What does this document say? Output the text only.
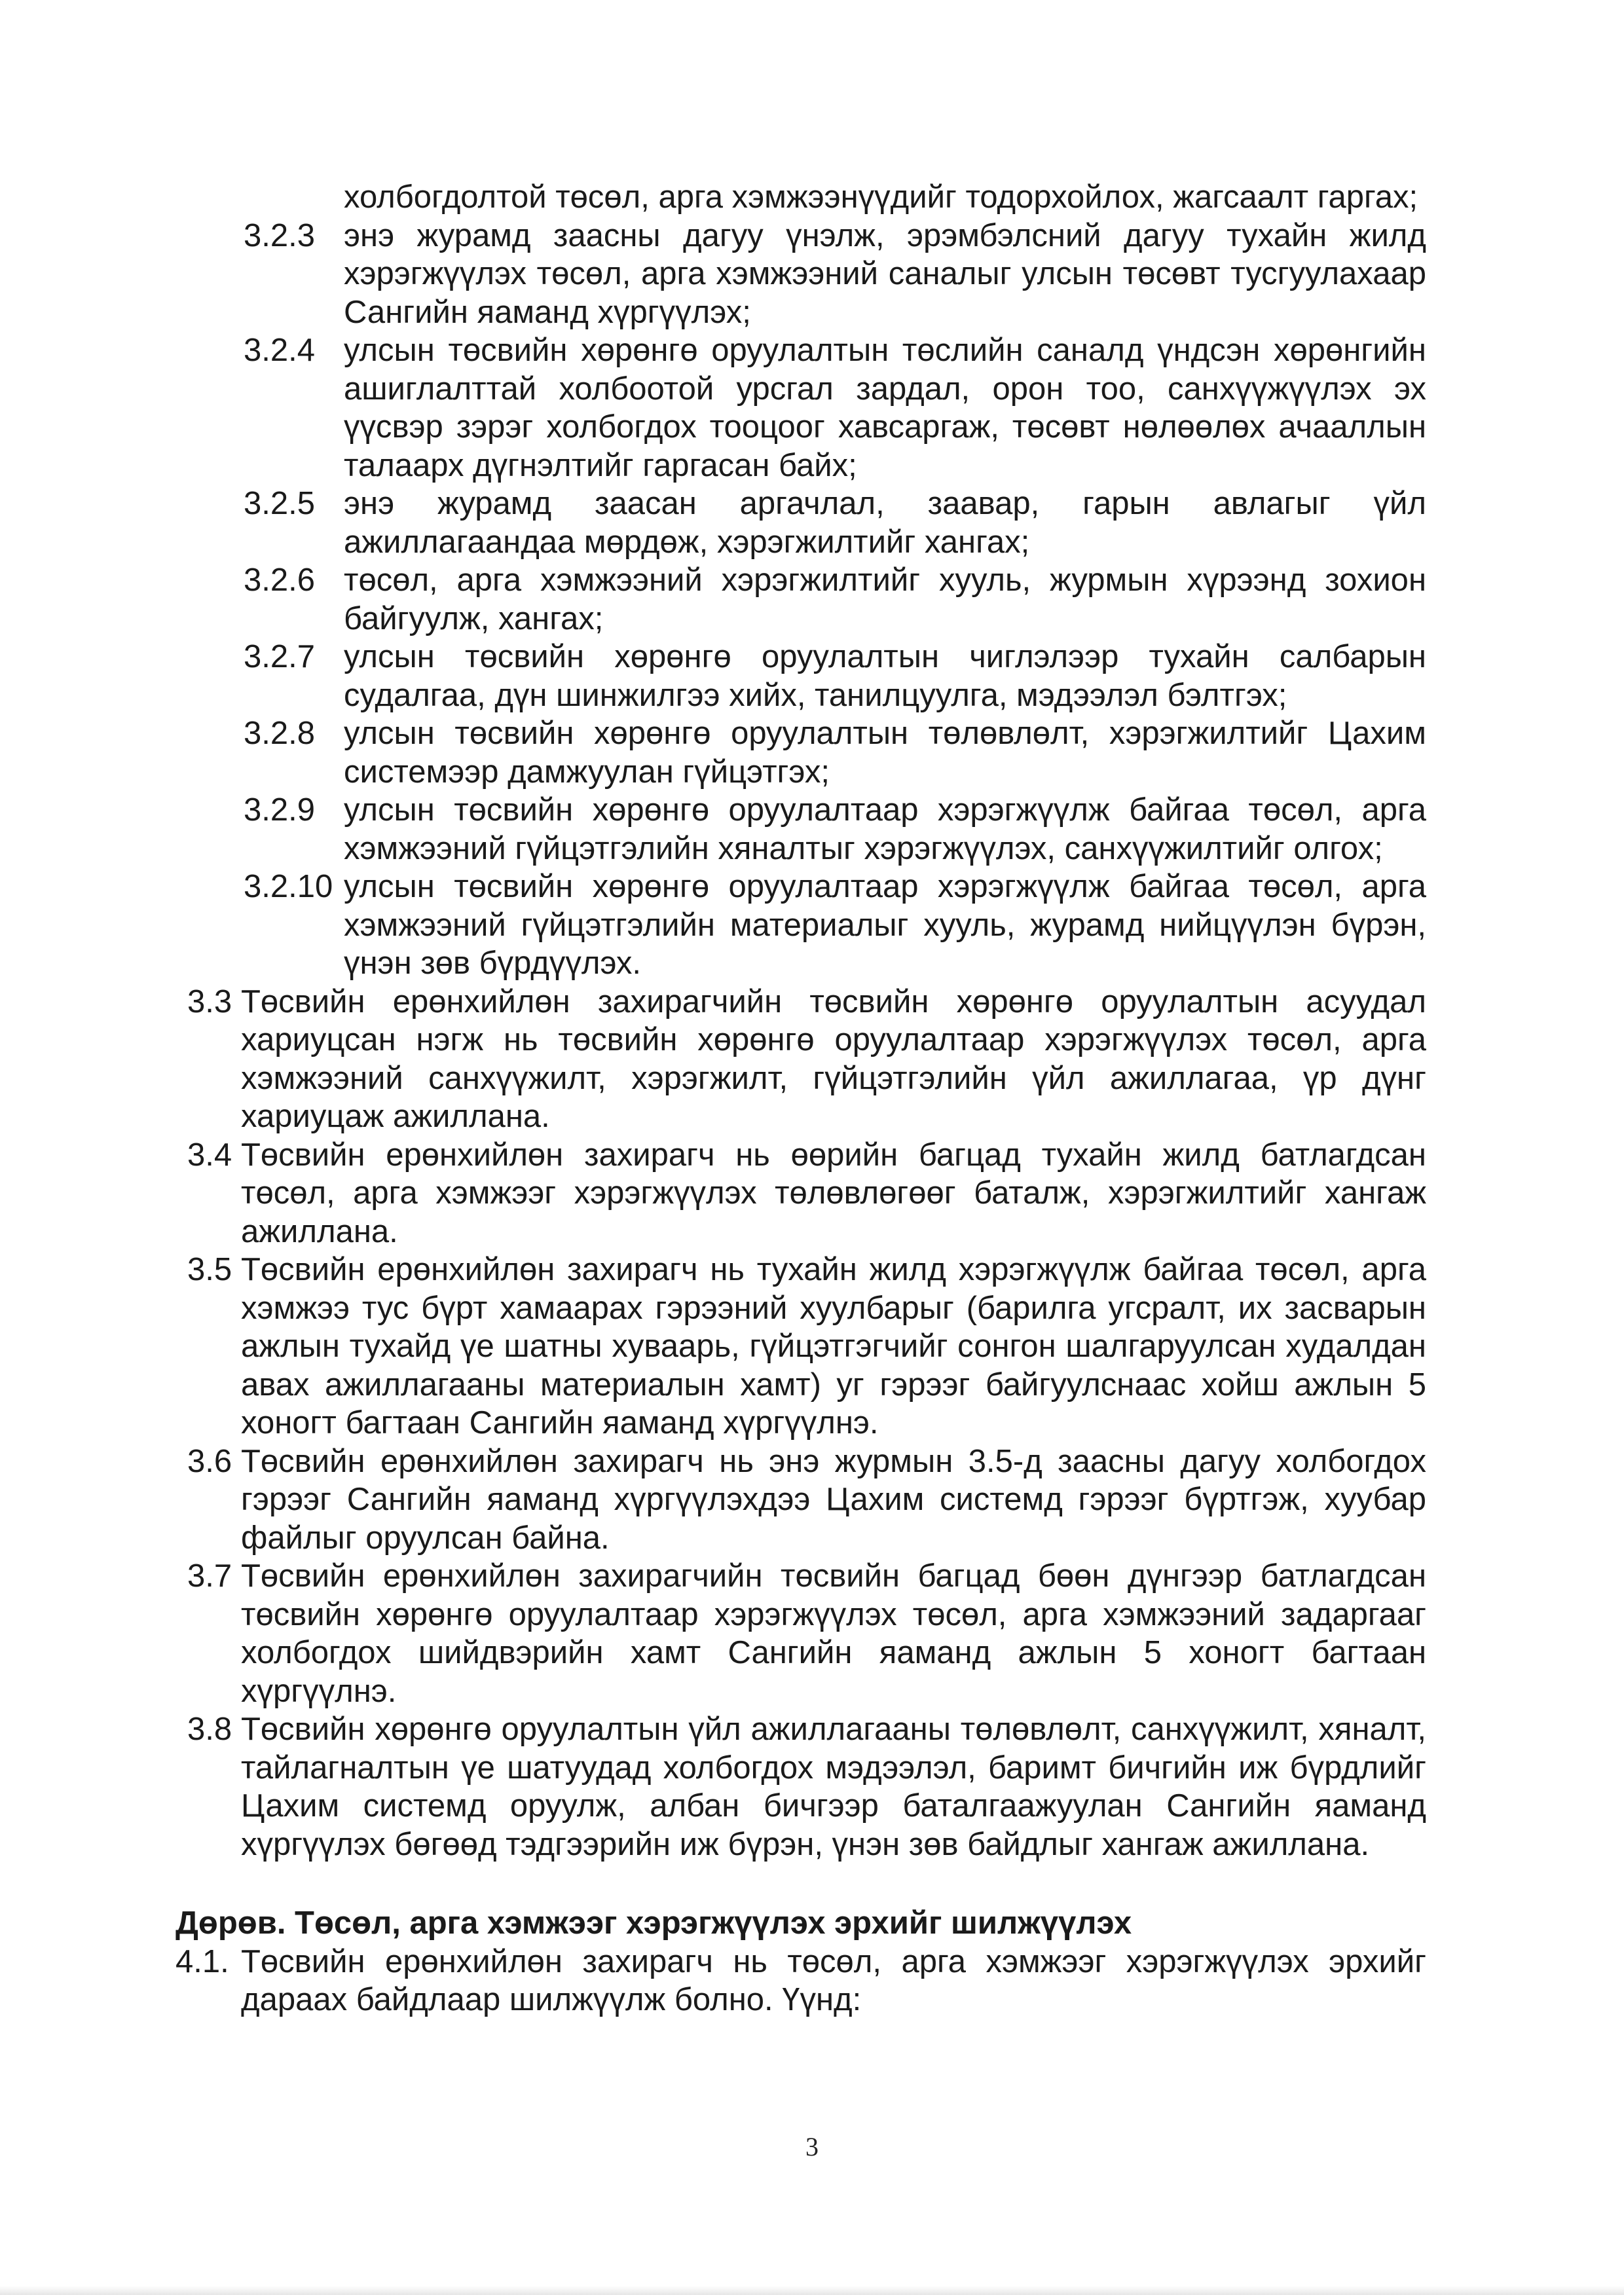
холбогдолтой төсөл, арга хэмжээнүүдийг тодорхойлох, жагсаалт гаргах;
3.2.3 энэ журамд заасны дагуу үнэлж, эрэмбэлсний дагуу тухайн жилд хэрэгжүүлэх төсөл, арга хэмжээний саналыг улсын төсөвт тусгуулахаар Сангийн яаманд хүргүүлэх;
3.2.4 улсын төсвийн хөрөнгө оруулалтын төслийн саналд үндсэн хөрөнгийн ашиглалттай холбоотой урсгал зардал, орон тоо, санхүүжүүлэх эх үүсвэр зэрэг холбогдох тооцоог хавсаргаж, төсөвт нөлөөлөх ачааллын талаарх дүгнэлтийг гаргасан байх;
3.2.5 энэ журамд заасан аргачлал, заавар, гарын авлагыг үйл ажиллагаандаа мөрдөж, хэрэгжилтийг хангах;
3.2.6 төсөл, арга хэмжээний хэрэгжилтийг хууль, журмын хүрээнд зохион байгуулж, хангах;
3.2.7 улсын төсвийн хөрөнгө оруулалтын чиглэлээр тухайн салбарын судалгаа, дүн шинжилгээ хийх, танилцуулга, мэдээлэл бэлтгэх;
3.2.8 улсын төсвийн хөрөнгө оруулалтын төлөвлөлт, хэрэгжилтийг Цахим системээр дамжуулан гүйцэтгэх;
3.2.9 улсын төсвийн хөрөнгө оруулалтаар хэрэгжүүлж байгаа төсөл, арга хэмжээний гүйцэтгэлийн хяналтыг хэрэгжүүлэх, санхүүжилтийг олгох;
3.2.10 улсын төсвийн хөрөнгө оруулалтаар хэрэгжүүлж байгаа төсөл, арга хэмжээний гүйцэтгэлийн материалыг хууль, журамд нийцүүлэн бүрэн, үнэн зөв бүрдүүлэх.
3.3 Төсвийн ерөнхийлөн захирагчийн төсвийн хөрөнгө оруулалтын асуудал хариуцсан нэгж нь төсвийн хөрөнгө оруулалтаар хэрэгжүүлэх төсөл, арга хэмжээний санхүүжилт, хэрэгжилт, гүйцэтгэлийн үйл ажиллагаа, үр дүнг хариуцаж ажиллана.
3.4 Төсвийн ерөнхийлөн захирагч нь өөрийн багцад тухайн жилд батлагдсан төсөл, арга хэмжээг хэрэгжүүлэх төлөвлөгөөг баталж, хэрэгжилтийг хангаж ажиллана.
3.5 Төсвийн ерөнхийлөн захирагч нь тухайн жилд хэрэгжүүлж байгаа төсөл, арга хэмжээ тус бүрт хамаарах гэрээний хуулбарыг (барилга угсралт, их засварын ажлын тухайд үе шатны хуваарь, гүйцэтгэгчийг сонгон шалгаруулсан худалдан авах ажиллагааны материалын хамт) уг гэрээг байгуулснаас хойш ажлын 5 хоногт багтаан Сангийн яаманд хүргүүлнэ.
3.6 Төсвийн ерөнхийлөн захирагч нь энэ журмын 3.5-д заасны дагуу холбогдох гэрээг Сангийн яаманд хүргүүлэхдээ Цахим системд гэрээг бүртгэж, хуубар файлыг оруулсан байна.
3.7 Төсвийн ерөнхийлөн захирагчийн төсвийн багцад бөөн дүнгээр батлагдсан төсвийн хөрөнгө оруулалтаар хэрэгжүүлэх төсөл, арга хэмжээний задаргааг холбогдох шийдвэрийн хамт Сангийн яаманд ажлын 5 хоногт багтаан хүргүүлнэ.
3.8 Төсвийн хөрөнгө оруулалтын үйл ажиллагааны төлөвлөлт, санхүүжилт, хяналт, тайлагналтын үе шатуудад холбогдох мэдээлэл, баримт бичгийн иж бүрдлийг Цахим системд оруулж, албан бичгээр баталгаажуулан Сангийн яаманд хүргүүлэх бөгөөд тэдгээрийн иж бүрэн, үнэн зөв байдлыг хангаж ажиллана.
Дөрөв. Төсөл, арга хэмжээг хэрэгжүүлэх эрхийг шилжүүлэх
4.1. Төсвийн ерөнхийлөн захирагч нь төсөл, арга хэмжээг хэрэгжүүлэх эрхийг дараах байдлаар шилжүүлж болно. Үүнд:
3
